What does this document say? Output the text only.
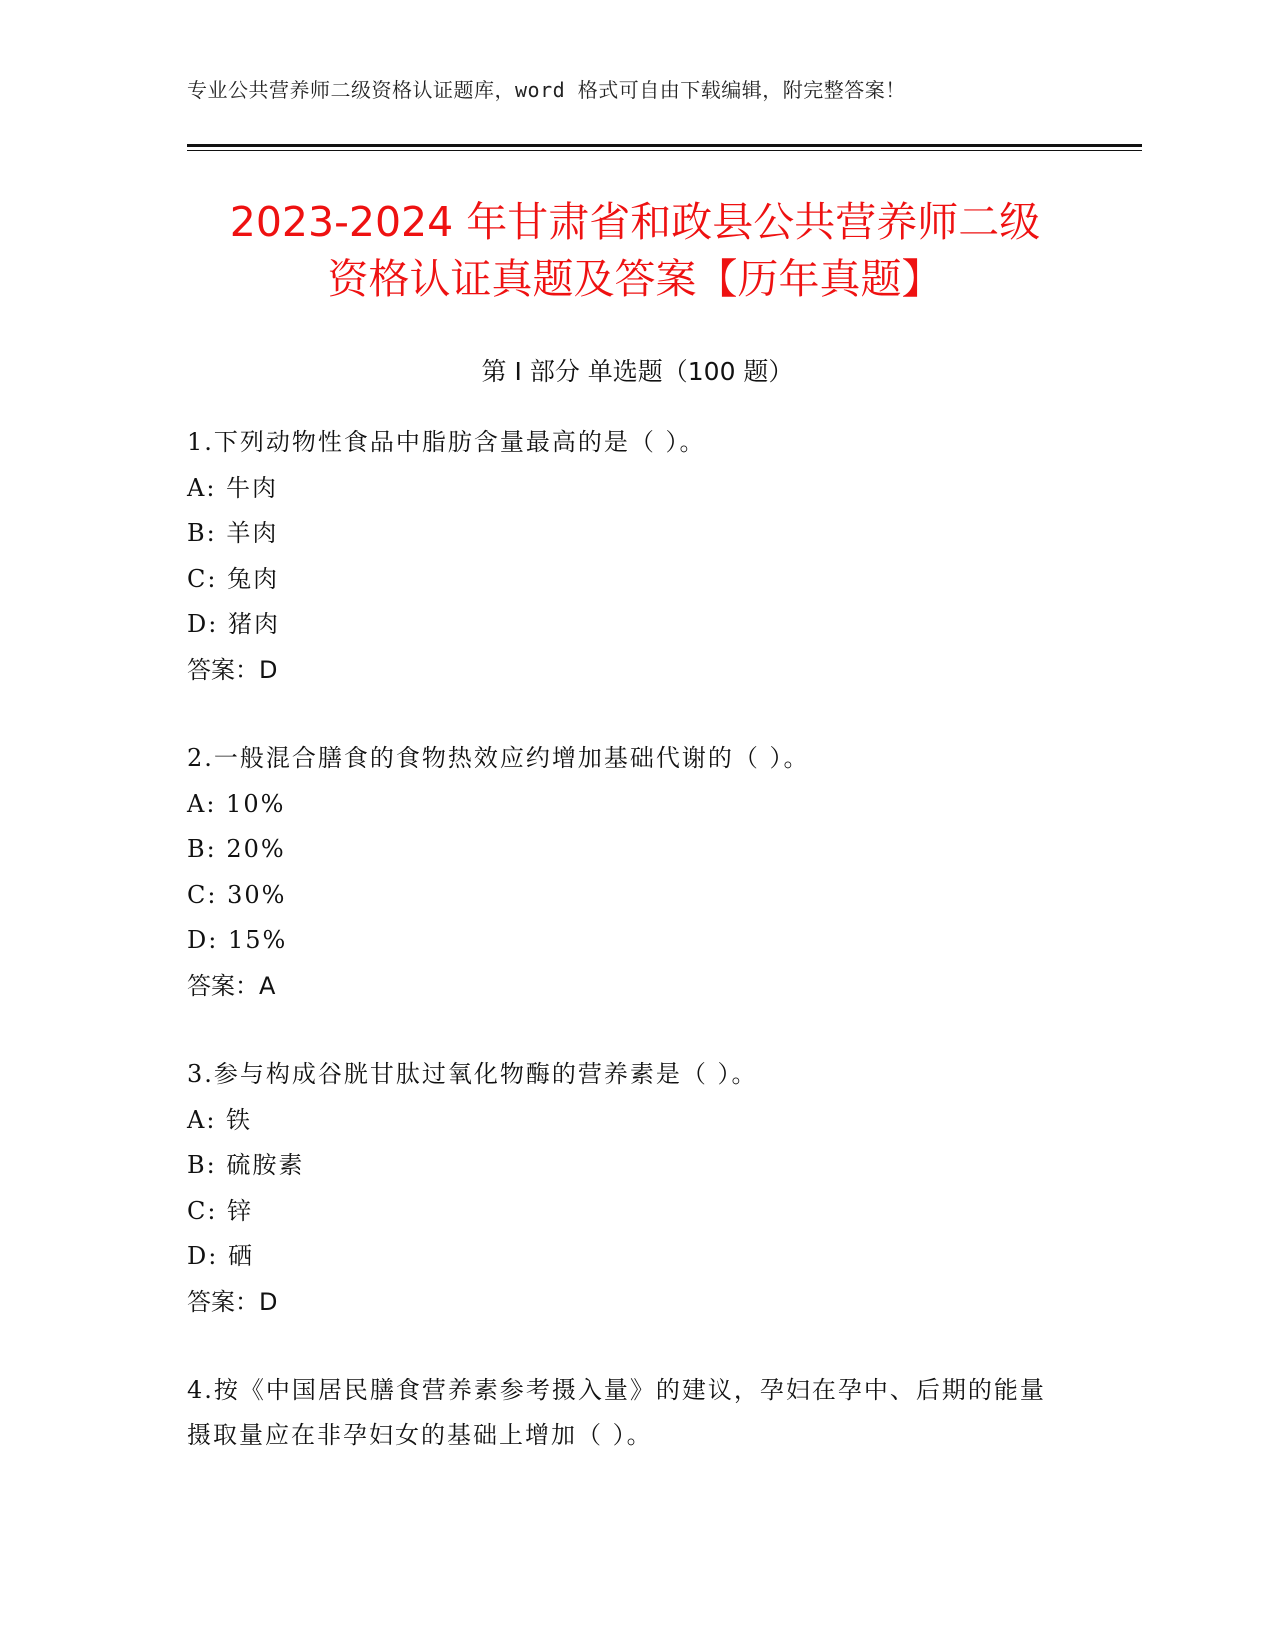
专业公共营养师二级资格认证题库，word 格式可自由下载编辑，附完整答案！
2023-2024 年甘肃省和政县公共营养师二级
资格认证真题及答案【历年真题】
第 I 部分 单选题（100 题）
1.下列动物性食品中脂肪含量最高的是（ ）。
A: 牛肉
B: 羊肉
C: 兔肉
D: 猪肉
答案：D
2.一般混合膳食的食物热效应约增加基础代谢的（ ）。
A: 10%
B: 20%
C: 30%
D: 15%
答案：A
3.参与构成谷胱甘肽过氧化物酶的营养素是（ ）。
A: 铁
B: 硫胺素
C: 锌
D: 硒
答案：D
4.按《中国居民膳食营养素参考摄入量》的建议，孕妇在孕中、后期的能量摄取量应在非孕妇女的基础上增加（ ）。
